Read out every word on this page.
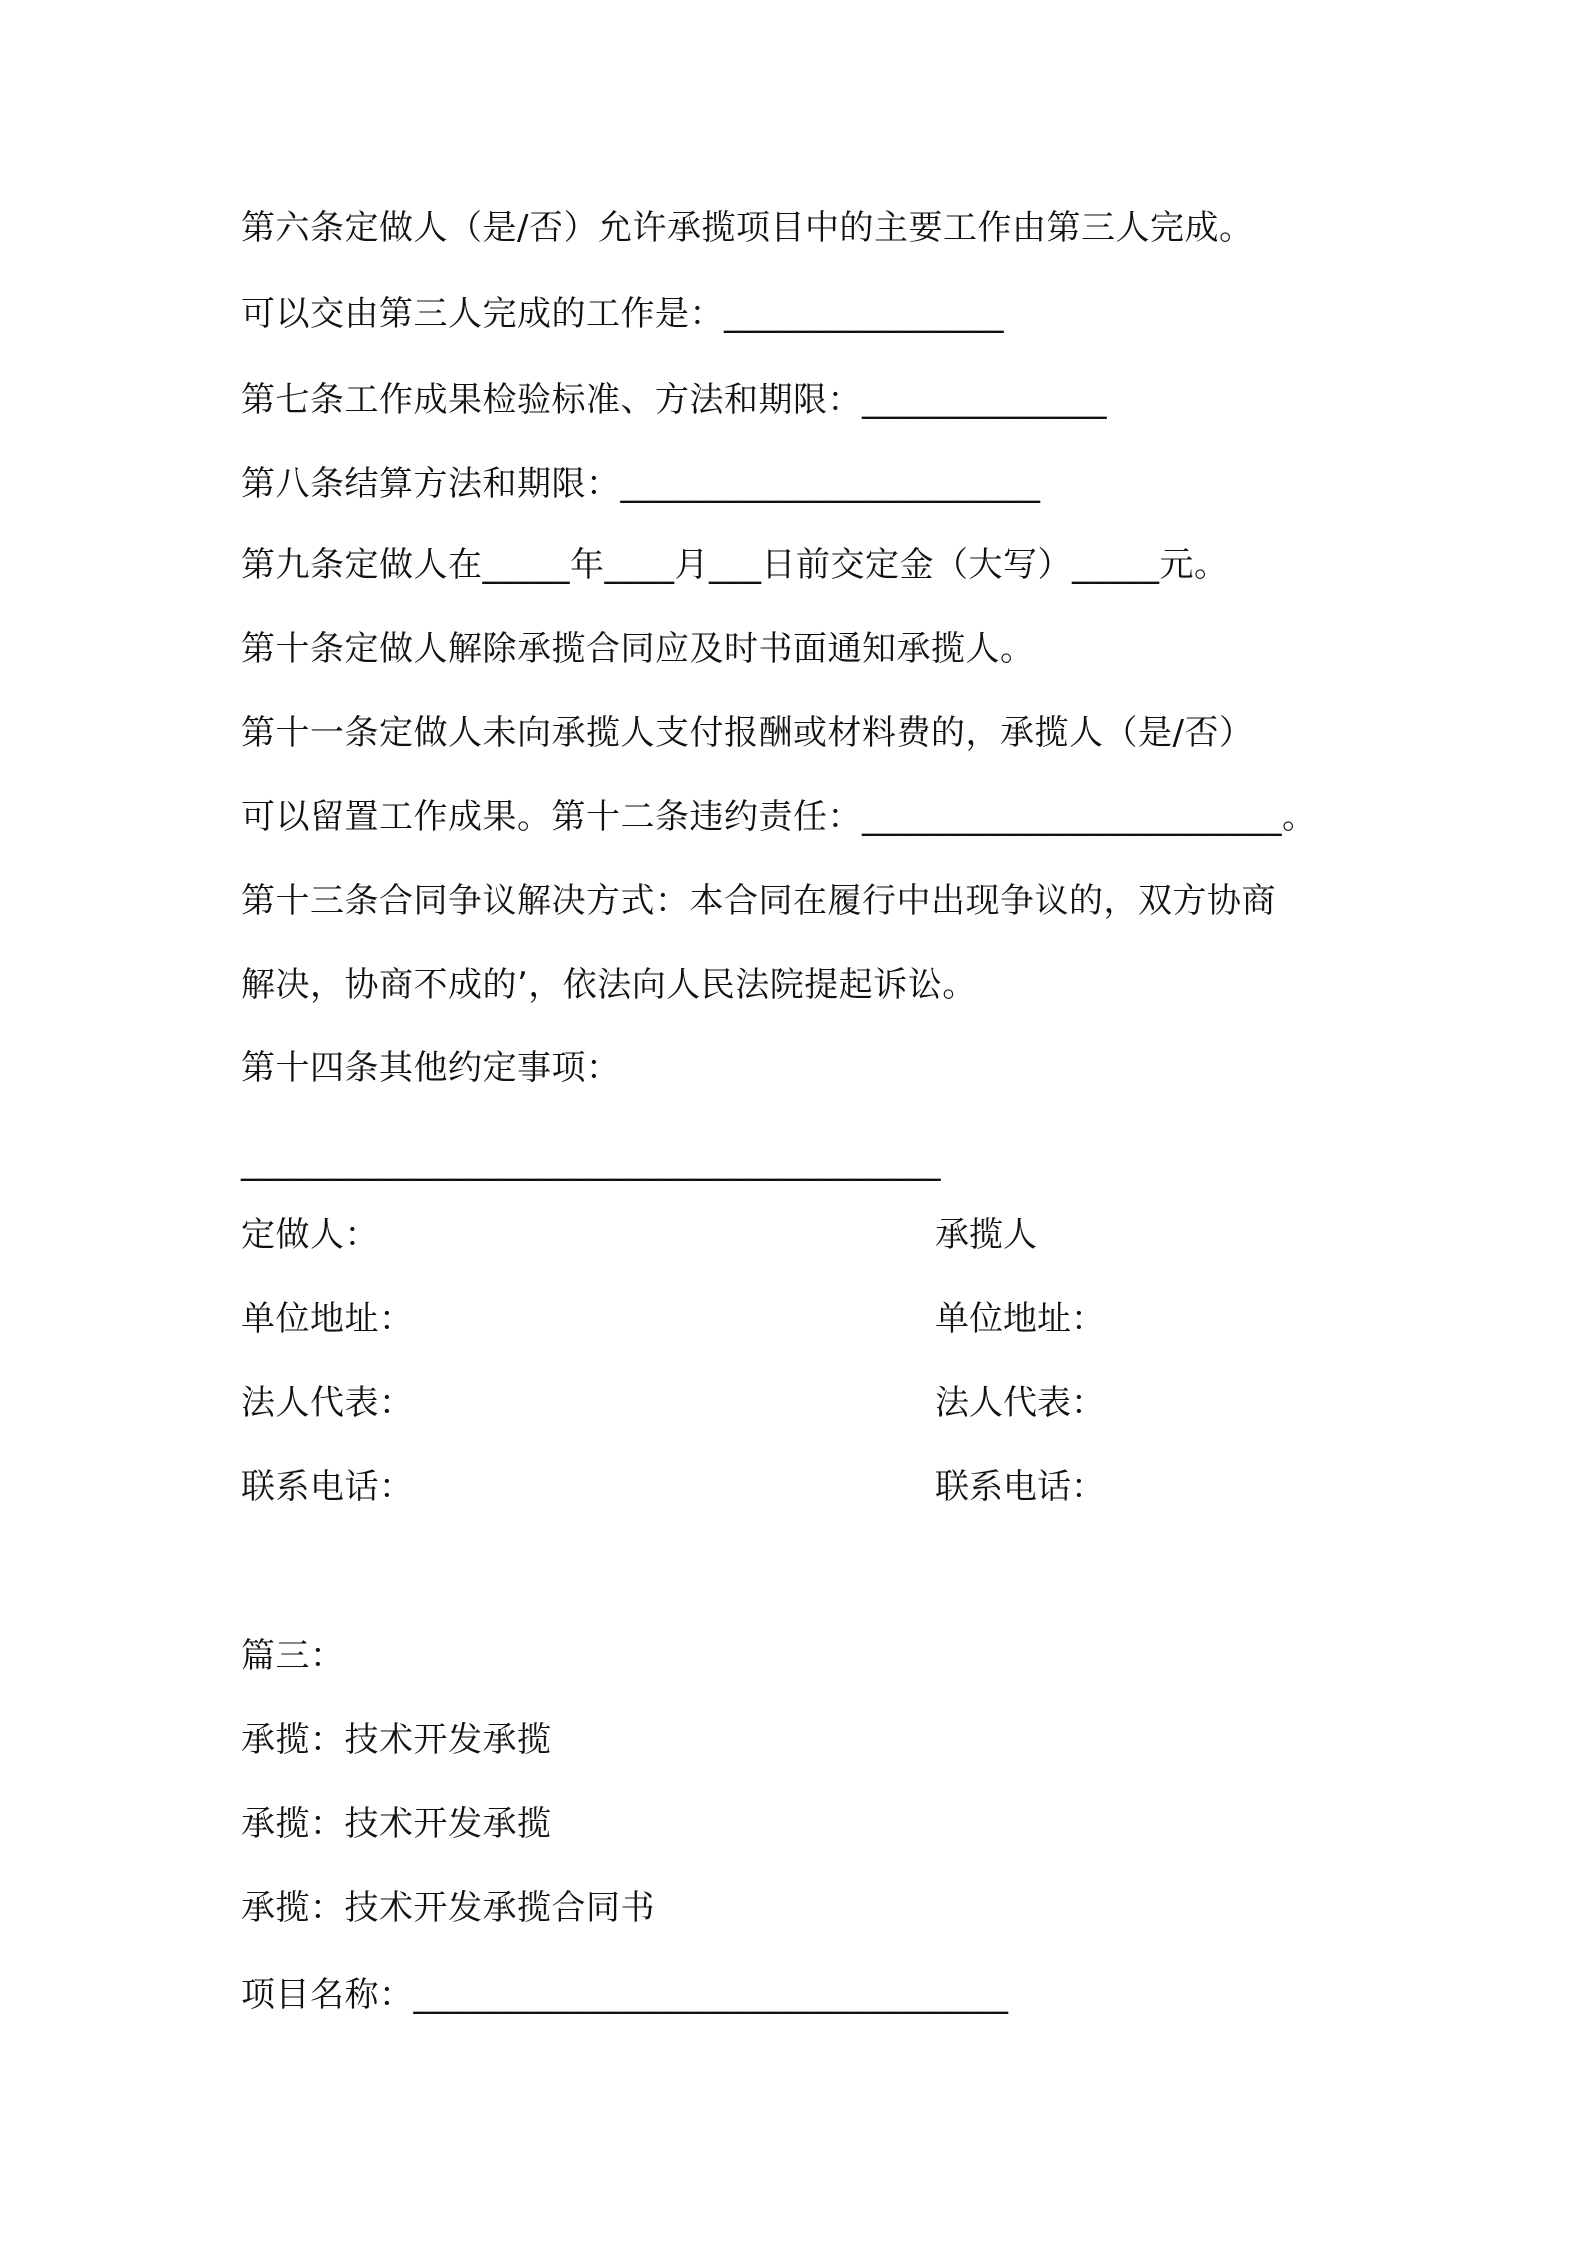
第六条定做人（是/否）允许承揽项目中的主要工作由第三人完成。
可以交由第三人完成的工作是：________________
第七条工作成果检验标准、方法和期限：______________
第八条结算方法和期限：________________________
第九条定做人在_____年____月___日前交定金（大写）_____元。
第十条定做人解除承揽合同应及时书面通知承揽人。
第十一条定做人未向承揽人支付报酬或材料费的，承揽人（是/否）
可以留置工作成果。第十二条违约责任：________________________。
第十三条合同争议解决方式：本合同在履行中出现争议的，双方协商
解决，协商不成的’，依法向人民法院提起诉讼。
第十四条其他约定事项：
________________________________________
定做人：	承揽人
单位地址：	单位地址：
法人代表：	法人代表：
联系电话：	联系电话：
篇三：
承揽：技术开发承揽
承揽：技术开发承揽
承揽：技术开发承揽合同书
项目名称：__________________________________
